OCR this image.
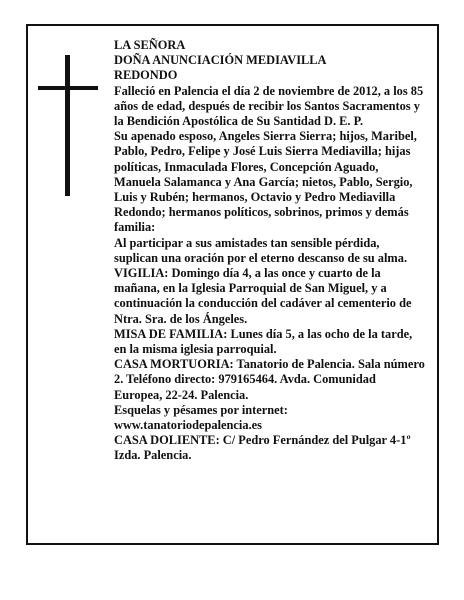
LA SEÑORA

DOÑA ANUNCIACIÓN MEDIAVILLA

REDONDO

Falleció en Palencia el día 2 de noviembre de 2012, a los 85 años de edad, después de recibir los Santos Sacramentos y la Bendición Apostólica de Su Santidad D. E. P.

Su apenado esposo, Angeles Sierra Sierra; hijos, Maribel, Pablo, Pedro, Felipe y José Luis Sierra Mediavilla; hijas políticas, Inmaculada Flores, Concepción Aguado, Manuela Salamanca y Ana García; nietos, Pablo, Sergio, Luis y Rubén; hermanos, Octavio y Pedro Mediavilla Redondo; hermanos políticos, sobrinos, primos y demás familia:

Al participar a sus amistades tan sensible pérdida, suplican una oración por el eterno descanso de su alma.

VIGILIA: Domingo día 4, a las once y cuarto de la mañana, en la Iglesia Parroquial de San Miguel, y a continuación la conducción del cadáver al cementerio de Ntra. Sra. de los Ángeles.

MISA DE FAMILIA: Lunes día 5, a las ocho de la tarde, en la misma iglesia parroquial.

CASA MORTUORIA: Tanatorio de Palencia. Sala número 2. Teléfono directo: 979165464. Avda. Comunidad Europea, 22-24. Palencia.

Esquelas y pésames por internet: www.tanatoriodepalencia.es

CASA DOLIENTE: C/ Pedro Fernández del Pulgar 4-1º Izda. Palencia.
